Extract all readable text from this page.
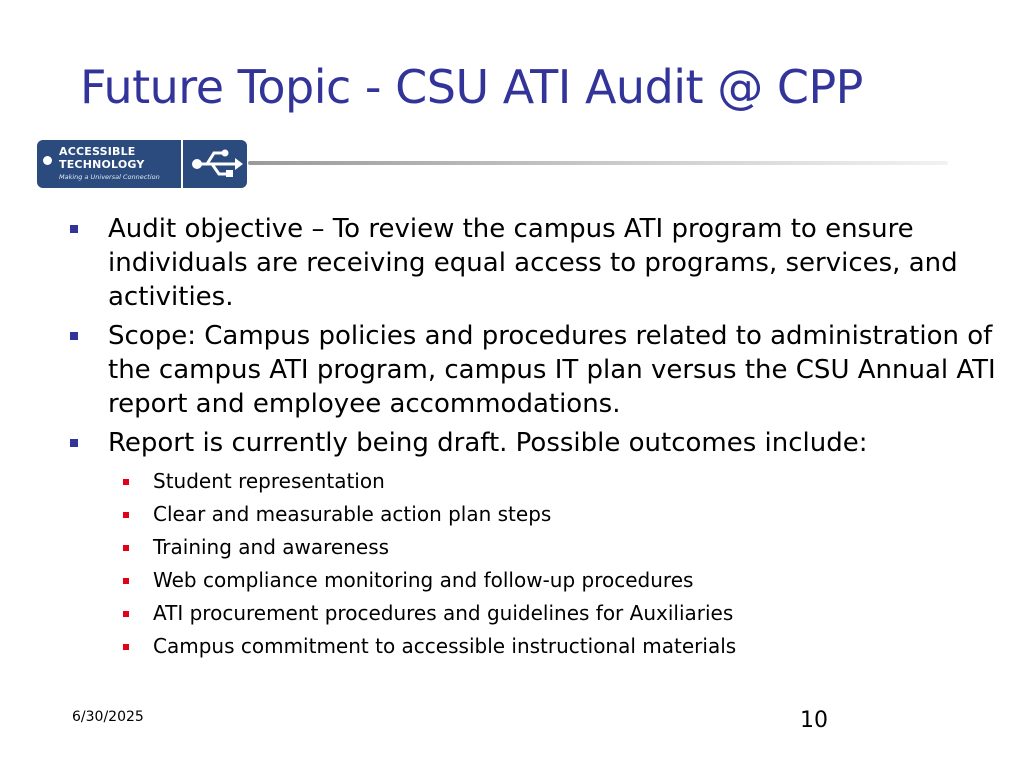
Future Topic - CSU ATI Audit @ CPP
ACCESSIBLE
TECHNOLOGY
Making a Universal Connection
Audit objective – To review the campus ATI program to ensure individuals are receiving equal access to programs, services, and activities.
Scope: Campus policies and procedures related to administration of the campus ATI program, campus IT plan versus the CSU Annual ATI report and employee accommodations.
Report is currently being draft. Possible outcomes include:
Student representation
Clear and measurable action plan steps
Training and awareness
Web compliance monitoring and follow-up procedures
ATI procurement procedures and guidelines for Auxiliaries
Campus commitment to accessible instructional materials
6/30/2025	10
